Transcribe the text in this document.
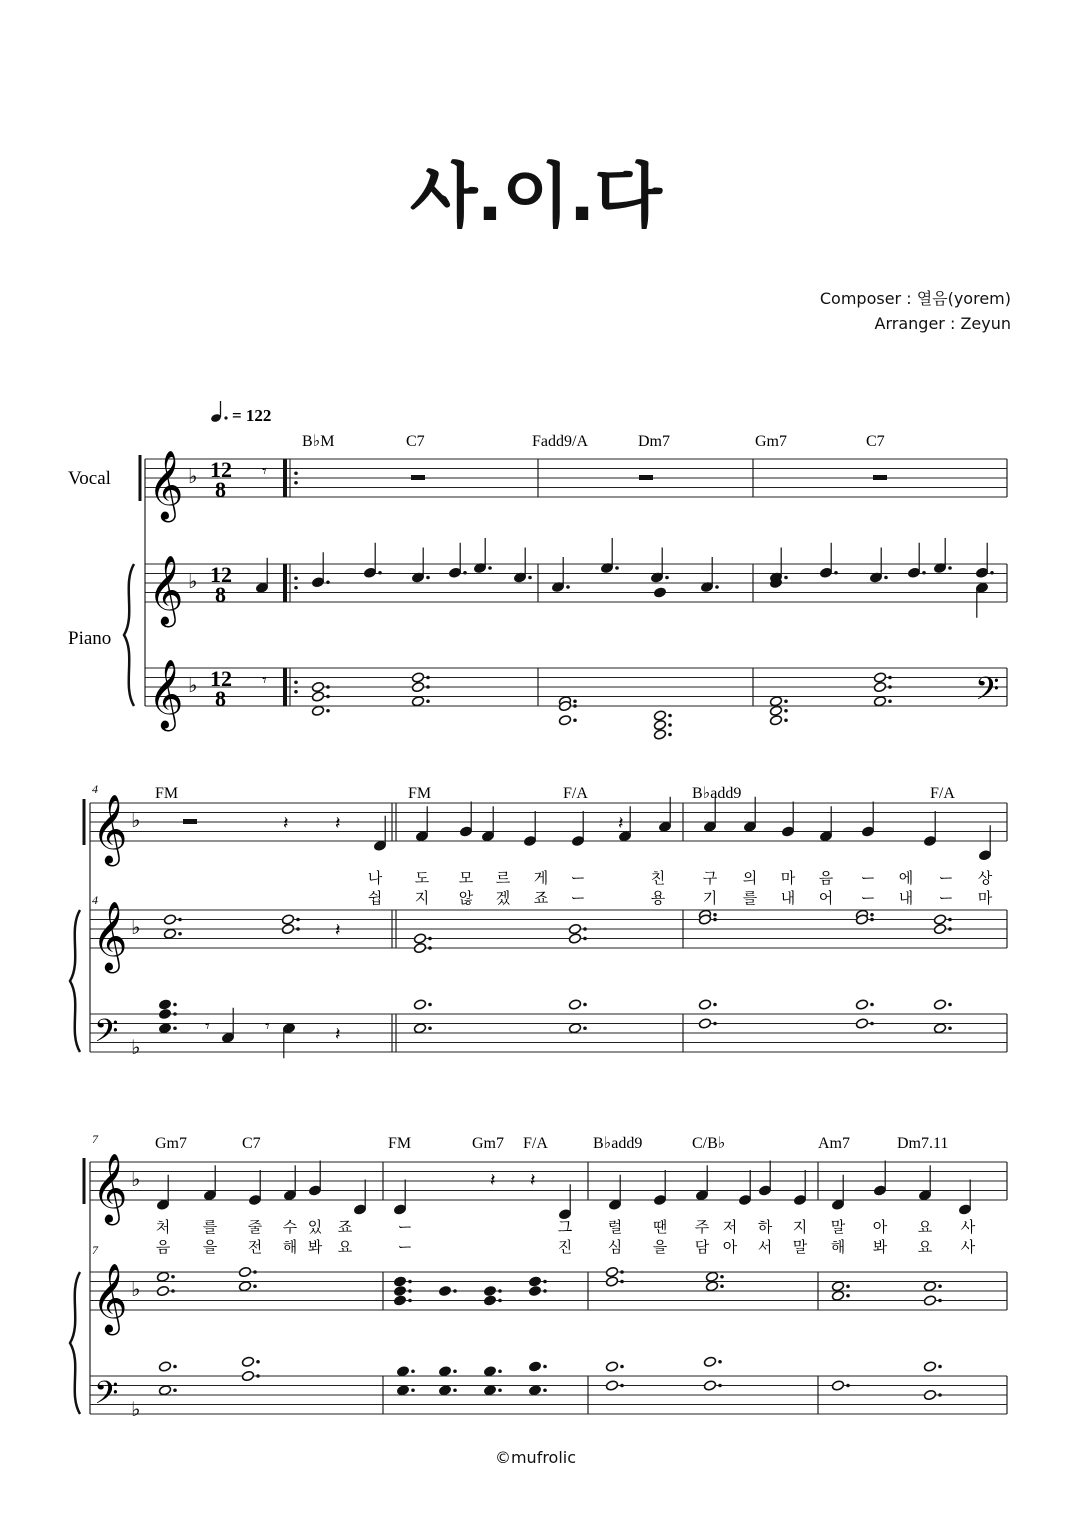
사.이.다
Composer : 열음(yorem)
Arranger : Zeyun
©mufrolic
= 122
Vocal
Piano
𝄾
𝄾
𝄽	𝄽	𝄽
𝄽
𝄾	𝄾	𝄽
𝄽 𝄽
B♭M	C7	Fadd9/A	Dm7	Gm7	C7
FM	FM	F/A	B♭add9	F/A
Gm7	C7	FM	Gm7 F/A	B♭add9	C/B♭	Am7	Dm7.11
나 도 모 르 게 ー	친	구 의 마 음 ー 에 ー 상
쉽 지 않 겠 죠 ー	용	기 를 내 어 ー 내 ー 마
처 를 줄 수 있 죠	ー	그 럴 땐 주 저 하 지 말 아 요 사
음 을 전 해 봐 요	ー	진 심 을 담 아 서 말 해 봐 요 사
𝄞 ♭ 12
8
𝄞 ♭ 12
8
𝄞 ♭ 12
8	𝄢
𝄞 ♭
𝄞 ♭
𝄢 ♭
4
4
𝄞 ♭
𝄞 ♭
𝄢 ♭
7
7
